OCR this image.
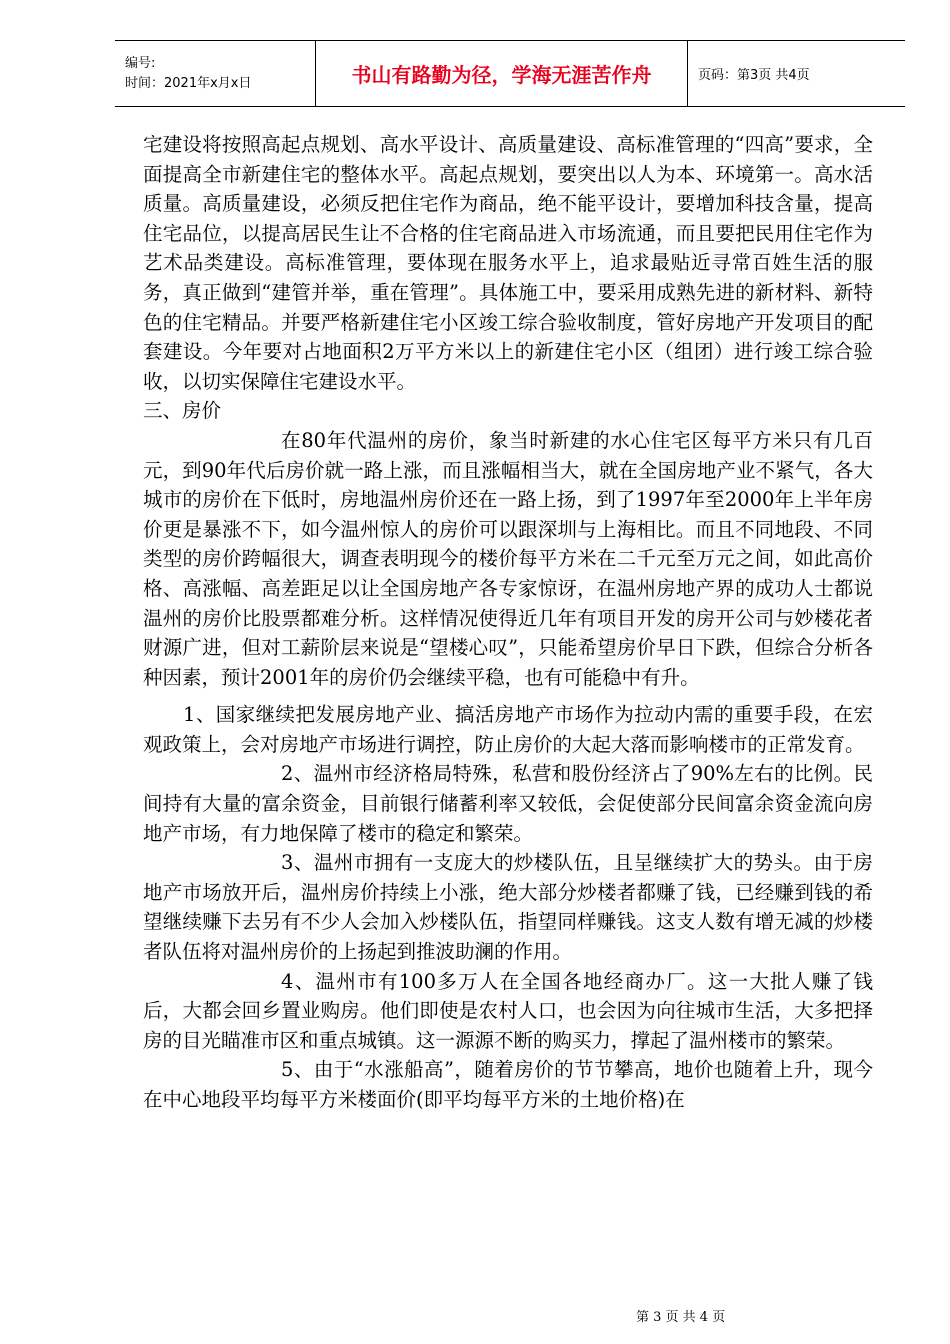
编号:
时间：2021年x月x日	书山有路勤为径，学海无涯苦作舟	页码：第3页 共4页

宅建设将按照高起点规划、高水平设计、高质量建设、高标准管理的“四高”要求，全面提高全市新建住宅的整体水平。高起点规划，要突出以人为本、环境第一。高水活质量。高质量建设，必须反把住宅作为商品，绝不能平设计，要增加科技含量，提高住宅品位，以提高居民生让不合格的住宅商品进入市场流通，而且要把民用住宅作为艺术品类建设。高标准管理，要体现在服务水平上，追求最贴近寻常百姓生活的服务，真正做到“建管并举，重在管理”。具体施工中，要采用成熟先进的新材料、新特色的住宅精品。并要严格新建住宅小区竣工综合验收制度，管好房地产开发项目的配套建设。今年要对占地面积2万平方米以上的新建住宅小区（组团）进行竣工综合验收，以切实保障住宅建设水平。

三、房价

在80年代温州的房价，象当时新建的水心住宅区每平方米只有几百元，到90年代后房价就一路上涨，而且涨幅相当大，就在全国房地产业不紧气，各大城市的房价在下低时，房地温州房价还在一路上扬，到了1997年至2000年上半年房价更是暴涨不下，如今温州惊人的房价可以跟深圳与上海相比。而且不同地段、不同类型的房价跨幅很大，调查表明现今的楼价每平方米在二千元至万元之间，如此高价格、高涨幅、高差距足以让全国房地产各专家惊讶，在温州房地产界的成功人士都说温州的房价比股票都难分析。这样情况使得近几年有项目开发的房开公司与妙楼花者财源广进，但对工薪阶层来说是“望楼心叹”，只能希望房价早日下跌，但综合分析各种因素，预计2001年的房价仍会继续平稳，也有可能稳中有升。

1、国家继续把发展房地产业、搞活房地产市场作为拉动内需的重要手段，在宏观政策上，会对房地产市场进行调控，防止房价的大起大落而影响楼市的正常发育。

2、温州市经济格局特殊，私营和股份经济占了90%左右的比例。民间持有大量的富余资金，目前银行储蓄利率又较低，会促使部分民间富余资金流向房地产市场，有力地保障了楼市的稳定和繁荣。

3、温州市拥有一支庞大的炒楼队伍，且呈继续扩大的势头。由于房地产市场放开后，温州房价持续上小涨，绝大部分炒楼者都赚了钱，已经赚到钱的希望继续赚下去另有不少人会加入炒楼队伍，指望同样赚钱。这支人数有增无减的炒楼者队伍将对温州房价的上扬起到推波助澜的作用。

4、温州市有100多万人在全国各地经商办厂。这一大批人赚了钱后，大都会回乡置业购房。他们即使是农村人口，也会因为向往城市生活，大多把择房的目光瞄准市区和重点城镇。这一源源不断的购买力，撑起了温州楼市的繁荣。

5、由于“水涨船高”，随着房价的节节攀高，地价也随着上升，现今在中心地段平均每平方米楼面价(即平均每平方米的土地价格)在

第 3 页 共 4 页
